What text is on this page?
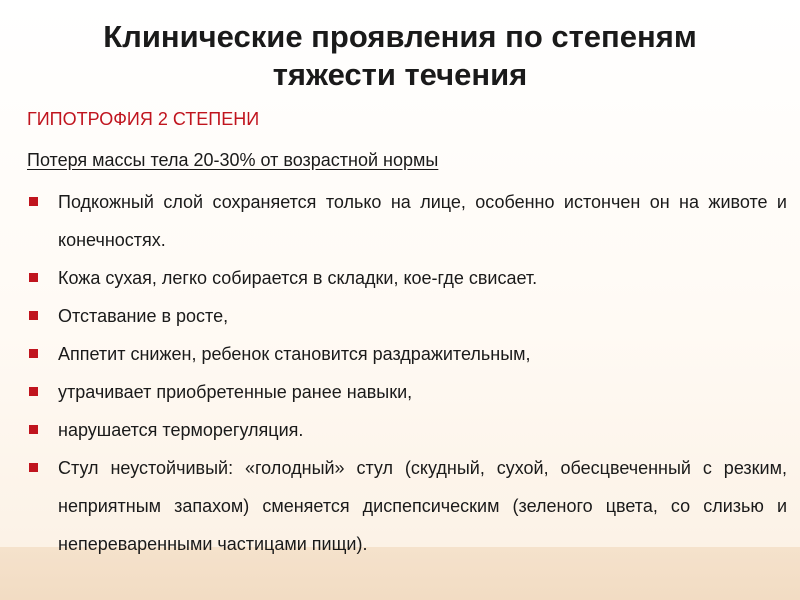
Клинические проявления по степеням тяжести течения
ГИПОТРОФИЯ 2 СТЕПЕНИ
Потеря массы тела 20-30% от возрастной нормы
Подкожный слой сохраняется только на лице, особенно истончен он на животе и конечностях.
Кожа сухая, легко собирается в складки, кое-где свисает.
Отставание в росте,
Аппетит снижен, ребенок становится раздражительным,
утрачивает приобретенные ранее навыки,
нарушается терморегуляция.
Стул неустойчивый: «голодный» стул (скудный, сухой, обесцвеченный с резким, неприятным запахом) сменяется диспепсическим (зеленого цвета, со слизью и непереваренными частицами пищи).
